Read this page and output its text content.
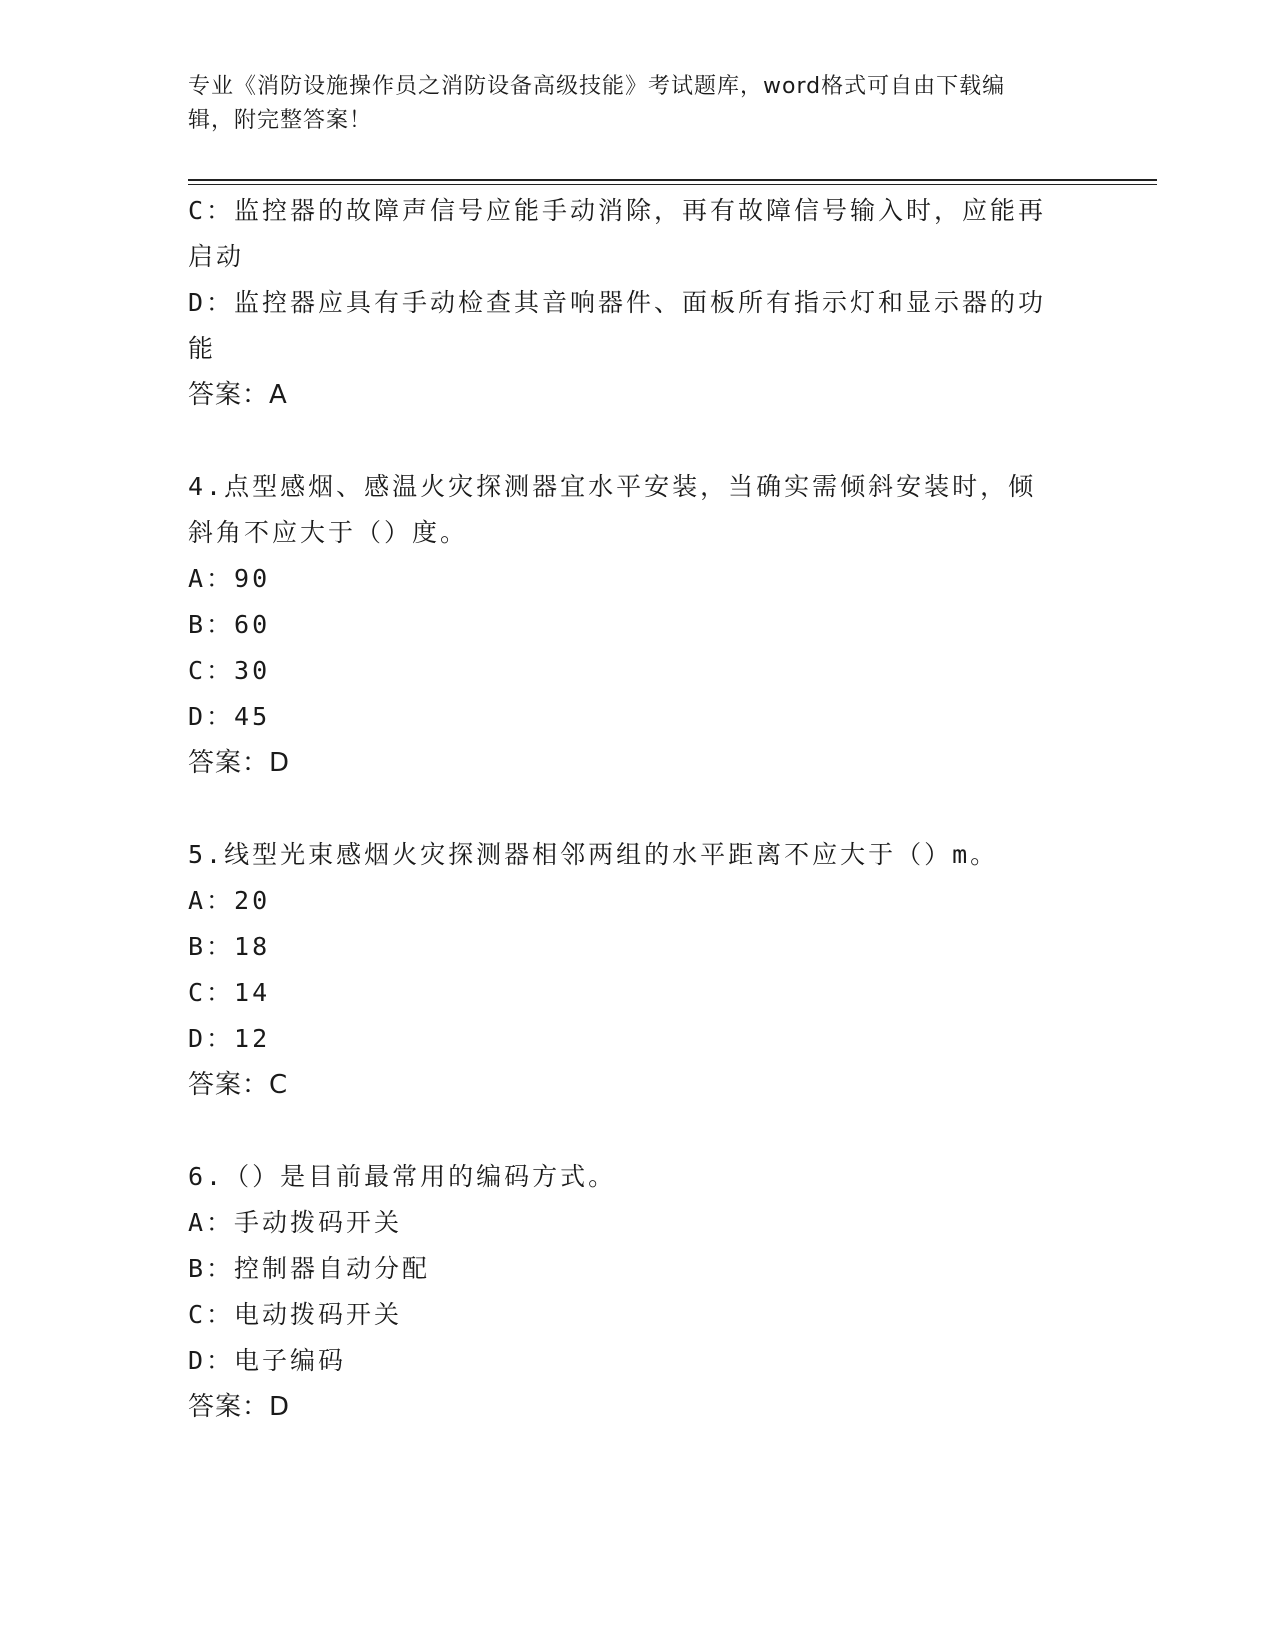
专业《消防设施操作员之消防设备高级技能》考试题库，word格式可自由下载编
辑，附完整答案！

C：监控器的故障声信号应能手动消除，再有故障信号输入时，应能再

启动

D：监控器应具有手动检查其音响器件、面板所有指示灯和显示器的功

能

答案：A

4.点型感烟、感温火灾探测器宜水平安装，当确实需倾斜安装时，倾

斜角不应大于（）度。

A：90

B：60

C：30

D：45

答案：D

5.线型光束感烟火灾探测器相邻两组的水平距离不应大于（）m。

A：20

B：18

C：14

D：12

答案：C

6.（）是目前最常用的编码方式。

A：手动拨码开关

B：控制器自动分配

C：电动拨码开关

D：电子编码

答案：D
